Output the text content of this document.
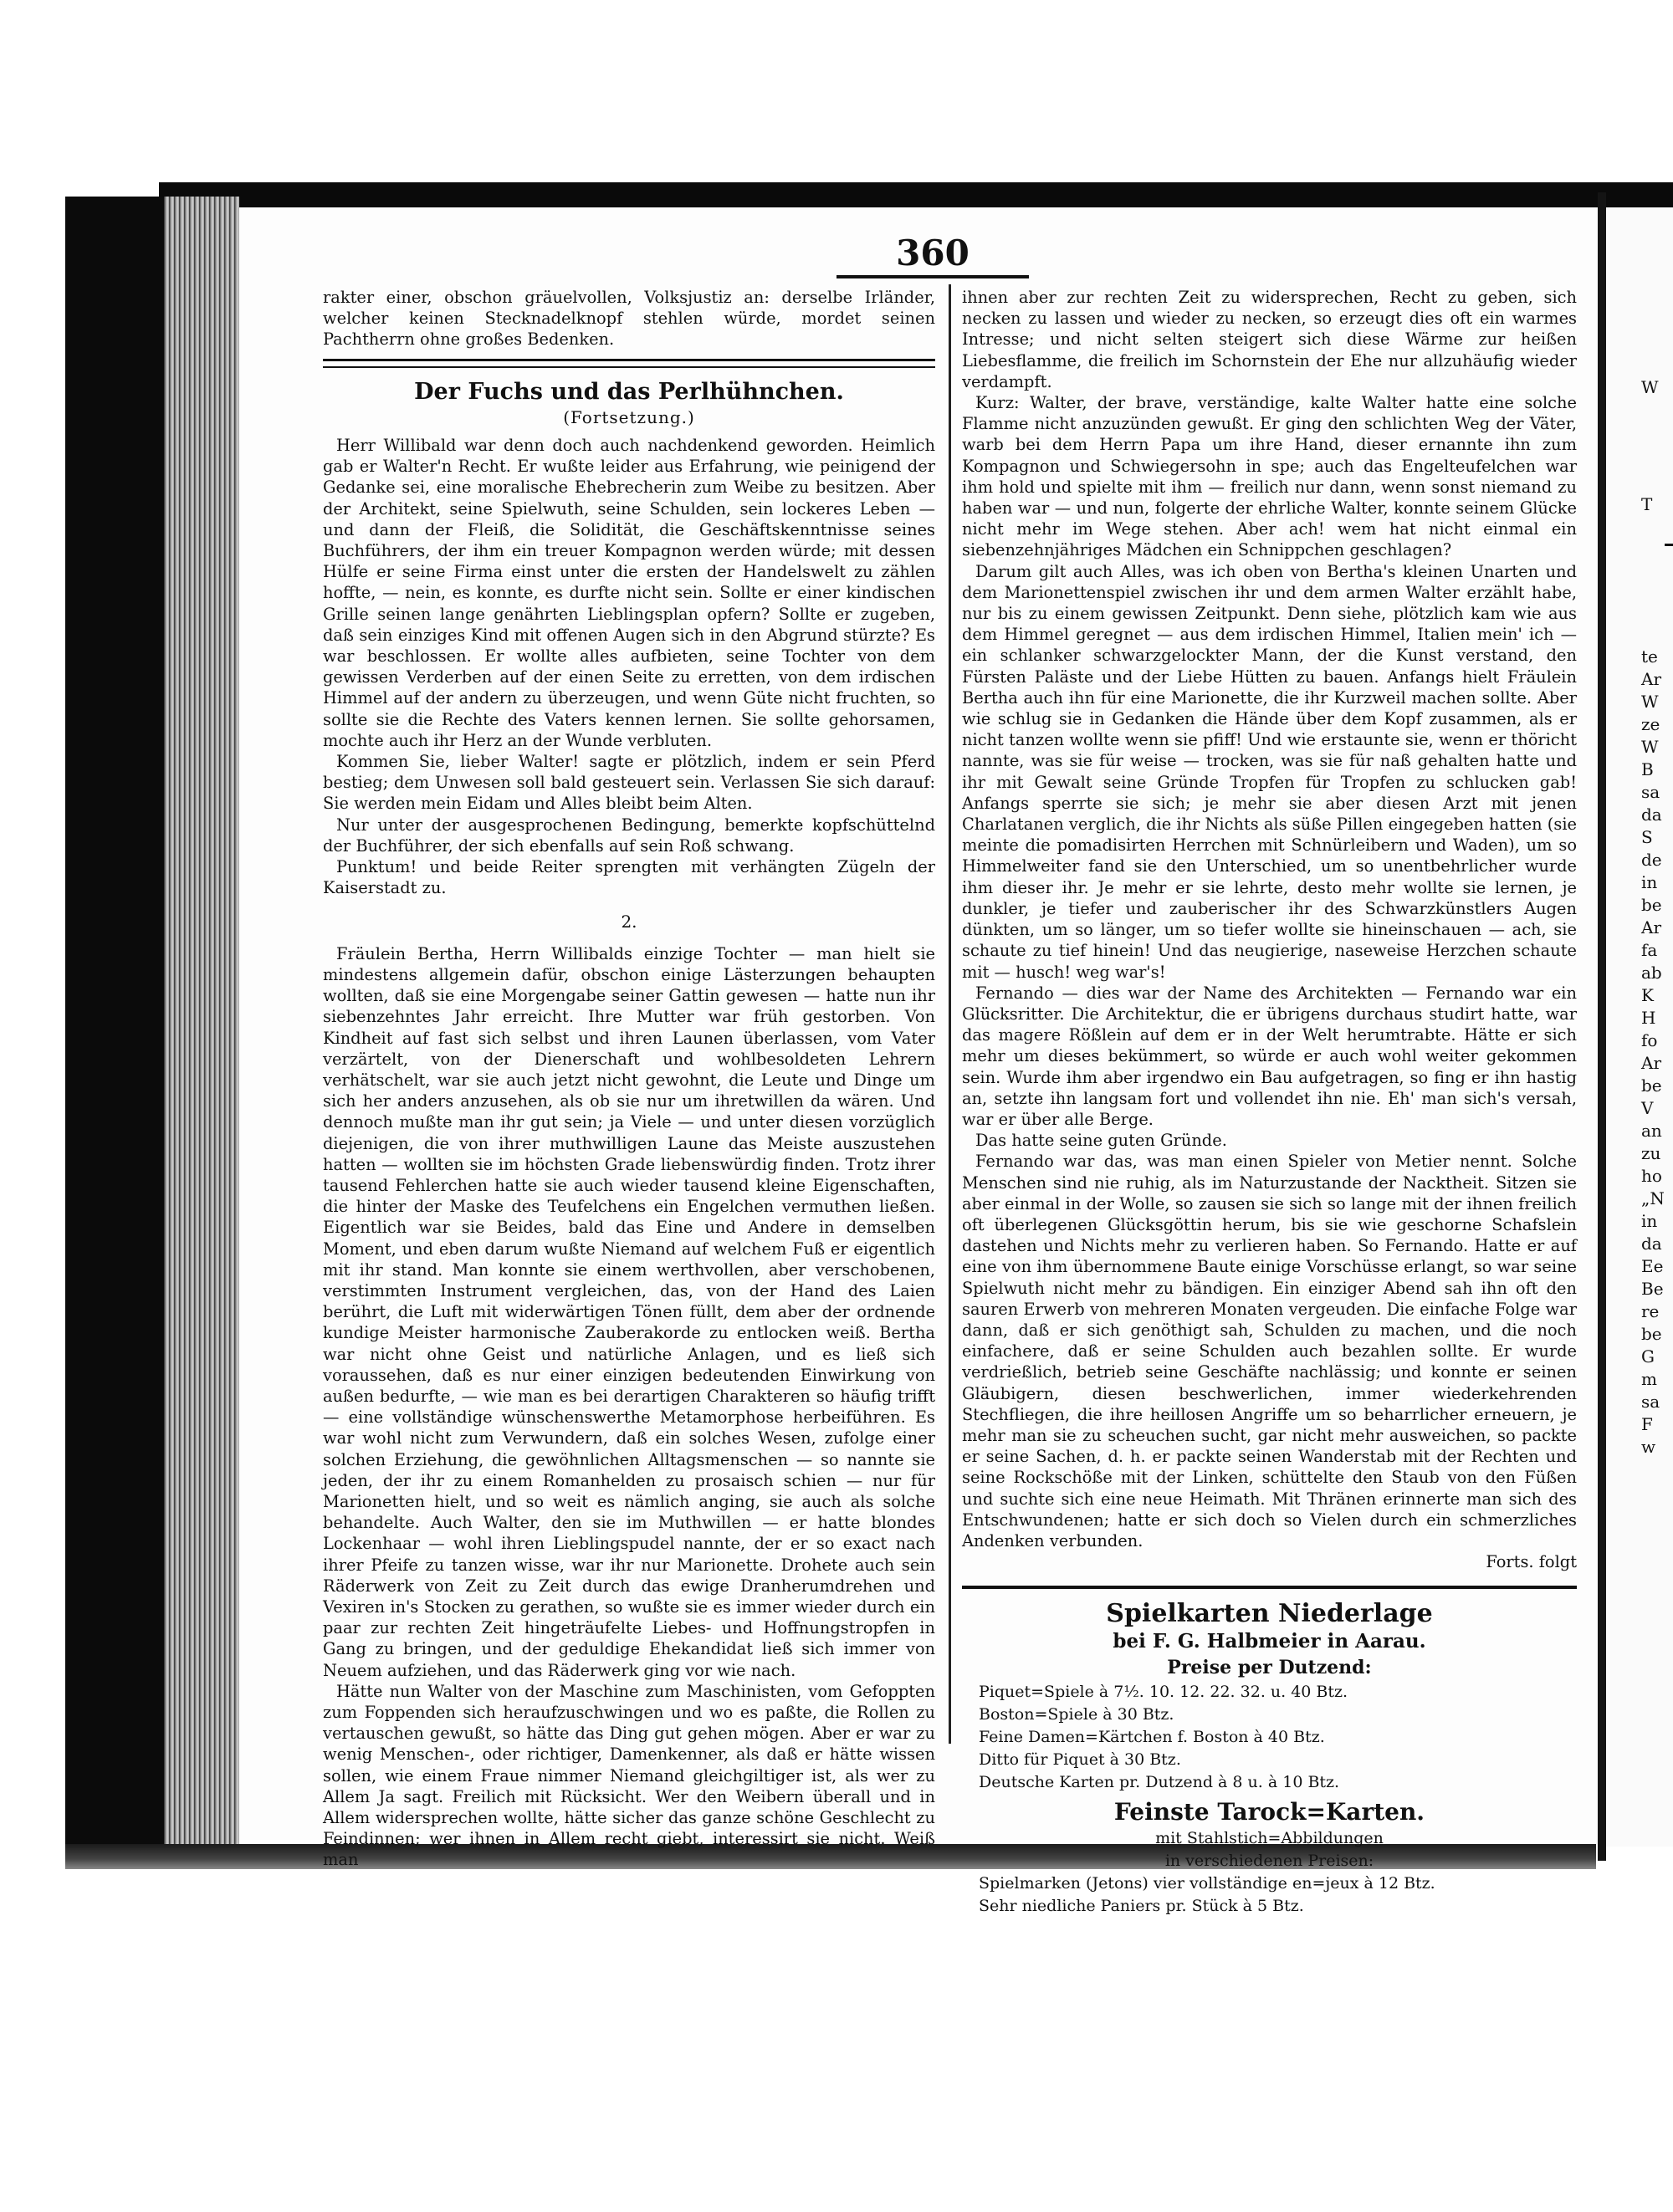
360

rakter einer, obschon gräuelvollen, Volksjustiz an: derselbe Irländer, welcher keinen Stecknadelknopf stehlen würde, mordet seinen Pachtherrn ohne großes Bedenken.

Der Fuchs und das Perlhühnchen.
(Fortsetzung.)

Herr Willibald war denn doch auch nachdenkend geworden. Heimlich gab er Walter'n Recht. Er wußte leider aus Erfahrung, wie peinigend der Gedanke sei, eine moralische Ehebrecherin zum Weibe zu besitzen. Aber der Architekt, seine Spielwuth, seine Schulden, sein lockeres Leben — und dann der Fleiß, die Solidität, die Geschäftskenntnisse seines Buchführers, der ihm ein treuer Kompagnon werden würde; mit dessen Hülfe er seine Firma einst unter die ersten der Handelswelt zu zählen hoffte, — nein, es konnte, es durfte nicht sein. Sollte er einer kindischen Grille seinen lange genährten Lieblingsplan opfern? Sollte er zugeben, daß sein einziges Kind mit offenen Augen sich in den Abgrund stürzte? Es war beschlossen. Er wollte alles aufbieten, seine Tochter von dem gewissen Verderben auf der einen Seite zu erretten, von dem irdischen Himmel auf der andern zu überzeugen, und wenn Güte nicht fruchten, so sollte sie die Rechte des Vaters kennen lernen. Sie sollte gehorsamen, mochte auch ihr Herz an der Wunde verbluten.

Kommen Sie, lieber Walter! sagte er plötzlich, indem er sein Pferd bestieg; dem Unwesen soll bald gesteuert sein. Verlassen Sie sich darauf: Sie werden mein Eidam und Alles bleibt beim Alten.

Nur unter der ausgesprochenen Bedingung, bemerkte kopfschüttelnd der Buchführer, der sich ebenfalls auf sein Roß schwang.

Punktum! und beide Reiter sprengten mit verhängten Zügeln der Kaiserstadt zu.

2.

Fräulein Bertha, Herrn Willibalds einzige Tochter — man hielt sie mindestens allgemein dafür, obschon einige Lästerzungen behaupten wollten, daß sie eine Morgengabe seiner Gattin gewesen — hatte nun ihr siebenzehntes Jahr erreicht. Ihre Mutter war früh gestorben. Von Kindheit auf fast sich selbst und ihren Launen überlassen, vom Vater verzärtelt, von der Dienerschaft und wohlbesoldeten Lehrern verhätschelt, war sie auch jetzt nicht gewohnt, die Leute und Dinge um sich her anders anzusehen, als ob sie nur um ihretwillen da wären. Und dennoch mußte man ihr gut sein; ja Viele — und unter diesen vorzüglich diejenigen, die von ihrer muthwilligen Laune das Meiste auszustehen hatten — wollten sie im höchsten Grade liebenswürdig finden. Trotz ihrer tausend Fehlerchen hatte sie auch wieder tausend kleine Eigenschaften, die hinter der Maske des Teufelchens ein Engelchen vermuthen ließen. Eigentlich war sie Beides, bald das Eine und Andere in demselben Moment, und eben darum wußte Niemand auf welchem Fuß er eigentlich mit ihr stand. Man konnte sie einem werthvollen, aber verschobenen, verstimmten Instrument vergleichen, das, von der Hand des Laien berührt, die Luft mit widerwärtigen Tönen füllt, dem aber der ordnende kundige Meister harmonische Zauberakorde zu entlocken weiß. Bertha war nicht ohne Geist und natürliche Anlagen, und es ließ sich voraussehen, daß es nur einer einzigen bedeutenden Einwirkung von außen bedurfte, — wie man es bei derartigen Charakteren so häufig trifft — eine vollständige wünschenswerthe Metamorphose herbeiführen. Es war wohl nicht zum Verwundern, daß ein solches Wesen, zufolge einer solchen Erziehung, die gewöhnlichen Alltagsmenschen — so nannte sie jeden, der ihr zu einem Romanhelden zu prosaisch schien — nur für Marionetten hielt, und so weit es nämlich anging, sie auch als solche behandelte. Auch Walter, den sie im Muthwillen — er hatte blondes Lockenhaar — wohl ihren Lieblingspudel nannte, der er so exact nach ihrer Pfeife zu tanzen wisse, war ihr nur Marionette. Drohete auch sein Räderwerk von Zeit zu Zeit durch das ewige Dranherumdrehen und Vexiren in's Stocken zu gerathen, so wußte sie es immer wieder durch ein paar zur rechten Zeit hingeträufelte Liebes- und Hoffnungstropfen in Gang zu bringen, und der geduldige Ehekandidat ließ sich immer von Neuem aufziehen, und das Räderwerk ging vor wie nach.

Hätte nun Walter von der Maschine zum Maschinisten, vom Gefoppten zum Foppenden sich heraufzuschwingen und wo es paßte, die Rollen zu vertauschen gewußt, so hätte das Ding gut gehen mögen. Aber er war zu wenig Menschen-, oder richtiger, Damenkenner, als daß er hätte wissen sollen, wie einem Fraue nimmer Niemand gleichgiltiger ist, als wer zu Allem Ja sagt. Freilich mit Rücksicht. Wer den Weibern überall und in Allem widersprechen wollte, hätte sicher das ganze schöne Geschlecht zu Feindinnen; wer ihnen in Allem recht giebt, interessirt sie nicht. Weiß man

ihnen aber zur rechten Zeit zu widersprechen, Recht zu geben, sich necken zu lassen und wieder zu necken, so erzeugt dies oft ein warmes Intresse; und nicht selten steigert sich diese Wärme zur heißen Liebesflamme, die freilich im Schornstein der Ehe nur allzuhäufig wieder verdampft.

Kurz: Walter, der brave, verständige, kalte Walter hatte eine solche Flamme nicht anzuzünden gewußt. Er ging den schlichten Weg der Väter, warb bei dem Herrn Papa um ihre Hand, dieser ernannte ihn zum Kompagnon und Schwiegersohn in spe; auch das Engelteufelchen war ihm hold und spielte mit ihm — freilich nur dann, wenn sonst niemand zu haben war — und nun, folgerte der ehrliche Walter, konnte seinem Glücke nicht mehr im Wege stehen. Aber ach! wem hat nicht einmal ein siebenzehnjähriges Mädchen ein Schnippchen geschlagen?

Darum gilt auch Alles, was ich oben von Bertha's kleinen Unarten und dem Marionettenspiel zwischen ihr und dem armen Walter erzählt habe, nur bis zu einem gewissen Zeitpunkt. Denn siehe, plötzlich kam wie aus dem Himmel geregnet — aus dem irdischen Himmel, Italien mein' ich — ein schlanker schwarzgelockter Mann, der die Kunst verstand, den Fürsten Paläste und der Liebe Hütten zu bauen. Anfangs hielt Fräulein Bertha auch ihn für eine Marionette, die ihr Kurzweil machen sollte. Aber wie schlug sie in Gedanken die Hände über dem Kopf zusammen, als er nicht tanzen wollte wenn sie pfiff! Und wie erstaunte sie, wenn er thöricht nannte, was sie für weise — trocken, was sie für naß gehalten hatte und ihr mit Gewalt seine Gründe Tropfen für Tropfen zu schlucken gab! Anfangs sperrte sie sich; je mehr sie aber diesen Arzt mit jenen Charlatanen verglich, die ihr Nichts als süße Pillen eingegeben hatten (sie meinte die pomadisirten Herrchen mit Schnürleibern und Waden), um so Himmelweiter fand sie den Unterschied, um so unentbehrlicher wurde ihm dieser ihr. Je mehr er sie lehrte, desto mehr wollte sie lernen, je dunkler, je tiefer und zauberischer ihr des Schwarzkünstlers Augen dünkten, um so länger, um so tiefer wollte sie hineinschauen — ach, sie schaute zu tief hinein! Und das neugierige, naseweise Herzchen schaute mit — husch! weg war's!

Fernando — dies war der Name des Architekten — Fernando war ein Glücksritter. Die Architektur, die er übrigens durchaus studirt hatte, war das magere Rößlein auf dem er in der Welt herumtrabte. Hätte er sich mehr um dieses bekümmert, so würde er auch wohl weiter gekommen sein. Wurde ihm aber irgendwo ein Bau aufgetragen, so fing er ihn hastig an, setzte ihn langsam fort und vollendet ihn nie. Eh' man sich's versah, war er über alle Berge.

Das hatte seine guten Gründe.

Fernando war das, was man einen Spieler von Metier nennt. Solche Menschen sind nie ruhig, als im Naturzustande der Nacktheit. Sitzen sie aber einmal in der Wolle, so zausen sie sich so lange mit der ihnen freilich oft überlegenen Glücksgöttin herum, bis sie wie geschorne Schafslein dastehen und Nichts mehr zu verlieren haben. So Fernando. Hatte er auf eine von ihm übernommene Baute einige Vorschüsse erlangt, so war seine Spielwuth nicht mehr zu bändigen. Ein einziger Abend sah ihn oft den sauren Erwerb von mehreren Monaten vergeuden. Die einfache Folge war dann, daß er sich genöthigt sah, Schulden zu machen, und die noch einfachere, daß er seine Schulden auch bezahlen sollte. Er wurde verdrießlich, betrieb seine Geschäfte nachlässig; und konnte er seinen Gläubigern, diesen beschwerlichen, immer wiederkehrenden Stechfliegen, die ihre heillosen Angriffe um so beharrlicher erneuern, je mehr man sie zu scheuchen sucht, gar nicht mehr ausweichen, so packte er seine Sachen, d. h. er packte seinen Wanderstab mit der Rechten und seine Rockschöße mit der Linken, schüttelte den Staub von den Füßen und suchte sich eine neue Heimath. Mit Thränen erinnerte man sich des Entschwundenen; hatte er sich doch so Vielen durch ein schmerzliches Andenken verbunden.

Forts. folgt

Spielkarten Niederlage
bei F. G. Halbmeier in Aarau.
Preise per Dutzend:
Piquet=Spiele à 7½. 10. 12. 22. 32. u. 40 Btz.
Boston=Spiele à 30 Btz.
Feine Damen=Kärtchen f. Boston à 40 Btz.
Ditto für Piquet à 30 Btz.
Deutsche Karten pr. Dutzend à 8 u. à 10 Btz.
Feinste Tarock=Karten.
mit Stahlstich=Abbildungen
in verschiedenen Preisen:
Spielmarken (Jetons) vier vollständige en=jeux à 12 Btz.
Sehr niedliche Paniers pr. Stück à 5 Btz.
W
T
te
Ar
W
ze
W
B
sa
da
S
de
in
be
Ar
fa
ab
K
H
fo
Ar
be
V
an
zu
ho
„N
in
da
Ee
Be
re
be
G
m
sa
F
w
